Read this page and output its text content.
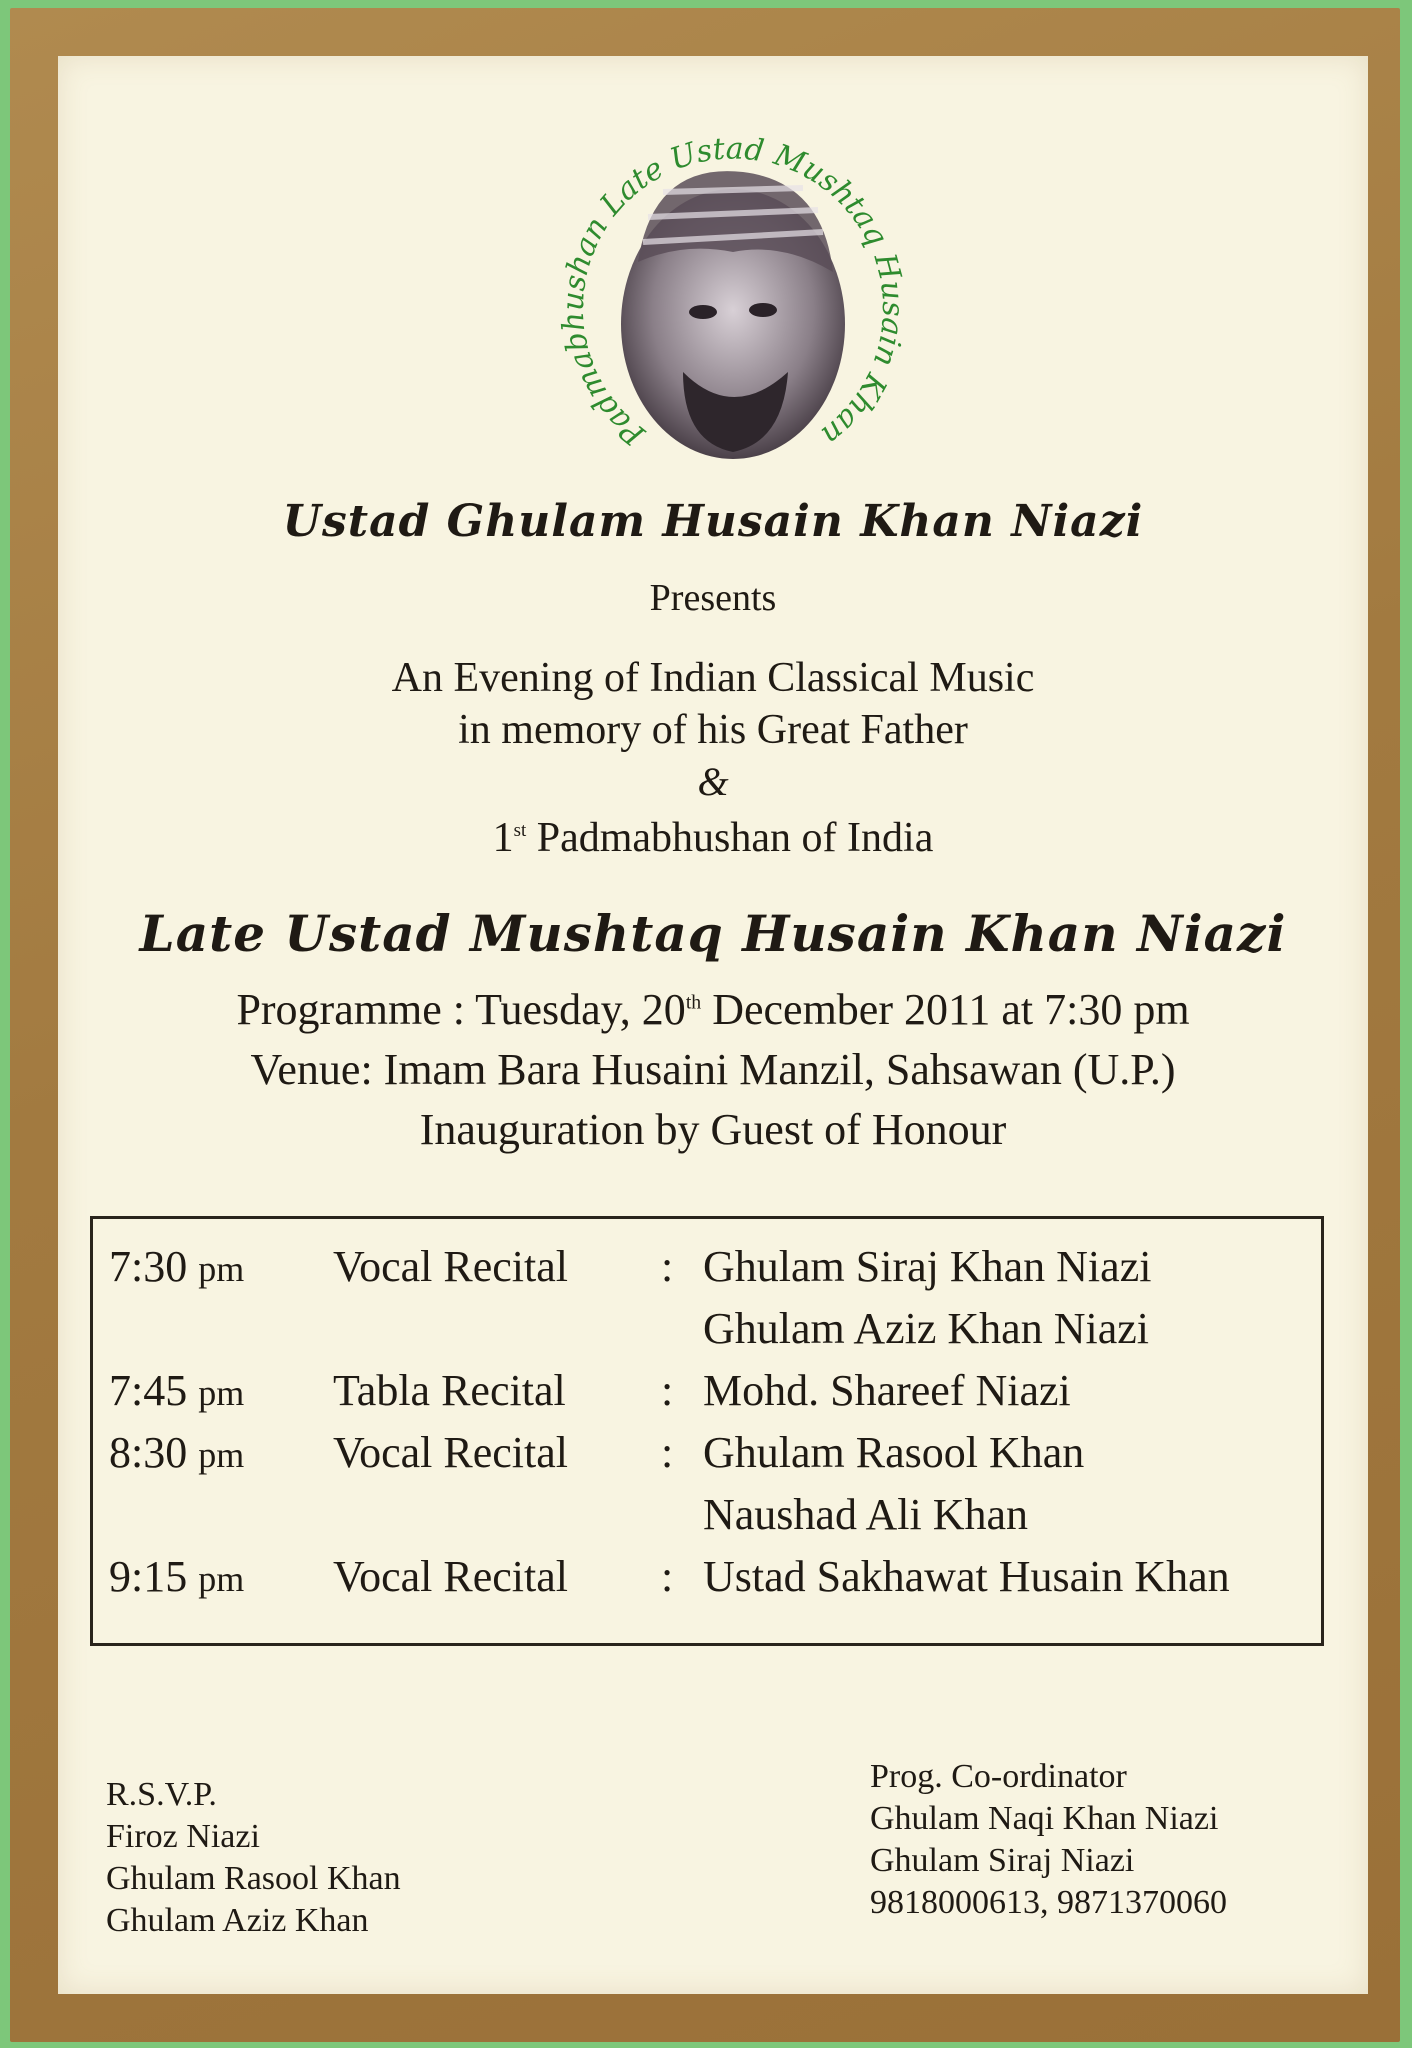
Padmabhushan Late Ustad Mushtaq Husain Khan
Ustad Ghulam Husain Khan Niazi
Presents
An Evening of Indian Classical Music
in memory of his Great Father
&
1st Padmabhushan of India
Late Ustad Mushtaq Husain Khan Niazi
Programme : Tuesday, 20th December 2011 at 7:30 pm
Venue: Imam Bara Husaini Manzil, Sahsawan (U.P.)
Inauguration by Guest of Honour
7:30 pm Vocal Recital : Ghulam Siraj Khan Niazi
Ghulam Aziz Khan Niazi
7:45 pm Tabla Recital : Mohd. Shareef Niazi
8:30 pm Vocal Recital : Ghulam Rasool Khan
Naushad Ali Khan
9:15 pm Vocal Recital : Ustad Sakhawat Husain Khan
R.S.V.P.
Firoz Niazi
Ghulam Rasool Khan
Ghulam Aziz Khan
Prog. Co-ordinator
Ghulam Naqi Khan Niazi
Ghulam Siraj Niazi
9818000613, 9871370060
